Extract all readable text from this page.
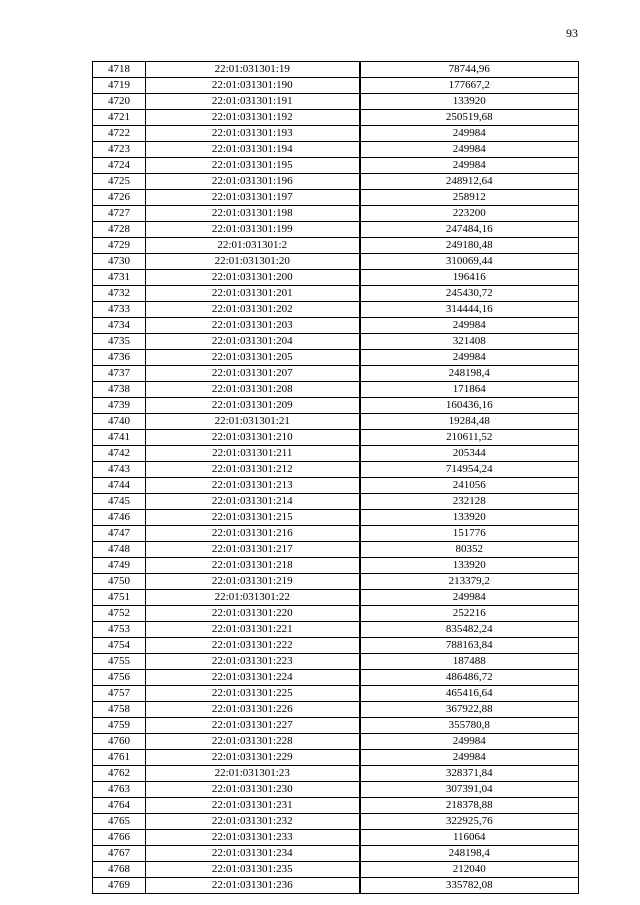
93
4718	22:01:031301:19	78744,96
4719	22:01:031301:190	177667,2
4720	22:01:031301:191	133920
4721	22:01:031301:192	250519,68
4722	22:01:031301:193	249984
4723	22:01:031301:194	249984
4724	22:01:031301:195	249984
4725	22:01:031301:196	248912,64
4726	22:01:031301:197	258912
4727	22:01:031301:198	223200
4728	22:01:031301:199	247484,16
4729	22:01:031301:2	249180,48
4730	22:01:031301:20	310069,44
4731	22:01:031301:200	196416
4732	22:01:031301:201	245430,72
4733	22:01:031301:202	314444,16
4734	22:01:031301:203	249984
4735	22:01:031301:204	321408
4736	22:01:031301:205	249984
4737	22:01:031301:207	248198,4
4738	22:01:031301:208	171864
4739	22:01:031301:209	160436,16
4740	22:01:031301:21	19284,48
4741	22:01:031301:210	210611,52
4742	22:01:031301:211	205344
4743	22:01:031301:212	714954,24
4744	22:01:031301:213	241056
4745	22:01:031301:214	232128
4746	22:01:031301:215	133920
4747	22:01:031301:216	151776
4748	22:01:031301:217	80352
4749	22:01:031301:218	133920
4750	22:01:031301:219	213379,2
4751	22:01:031301:22	249984
4752	22:01:031301:220	252216
4753	22:01:031301:221	835482,24
4754	22:01:031301:222	788163,84
4755	22:01:031301:223	187488
4756	22:01:031301:224	486486,72
4757	22:01:031301:225	465416,64
4758	22:01:031301:226	367922,88
4759	22:01:031301:227	355780,8
4760	22:01:031301:228	249984
4761	22:01:031301:229	249984
4762	22:01:031301:23	328371,84
4763	22:01:031301:230	307391,04
4764	22:01:031301:231	218378,88
4765	22:01:031301:232	322925,76
4766	22:01:031301:233	116064
4767	22:01:031301:234	248198,4
4768	22:01:031301:235	212040
4769	22:01:031301:236	335782,08
